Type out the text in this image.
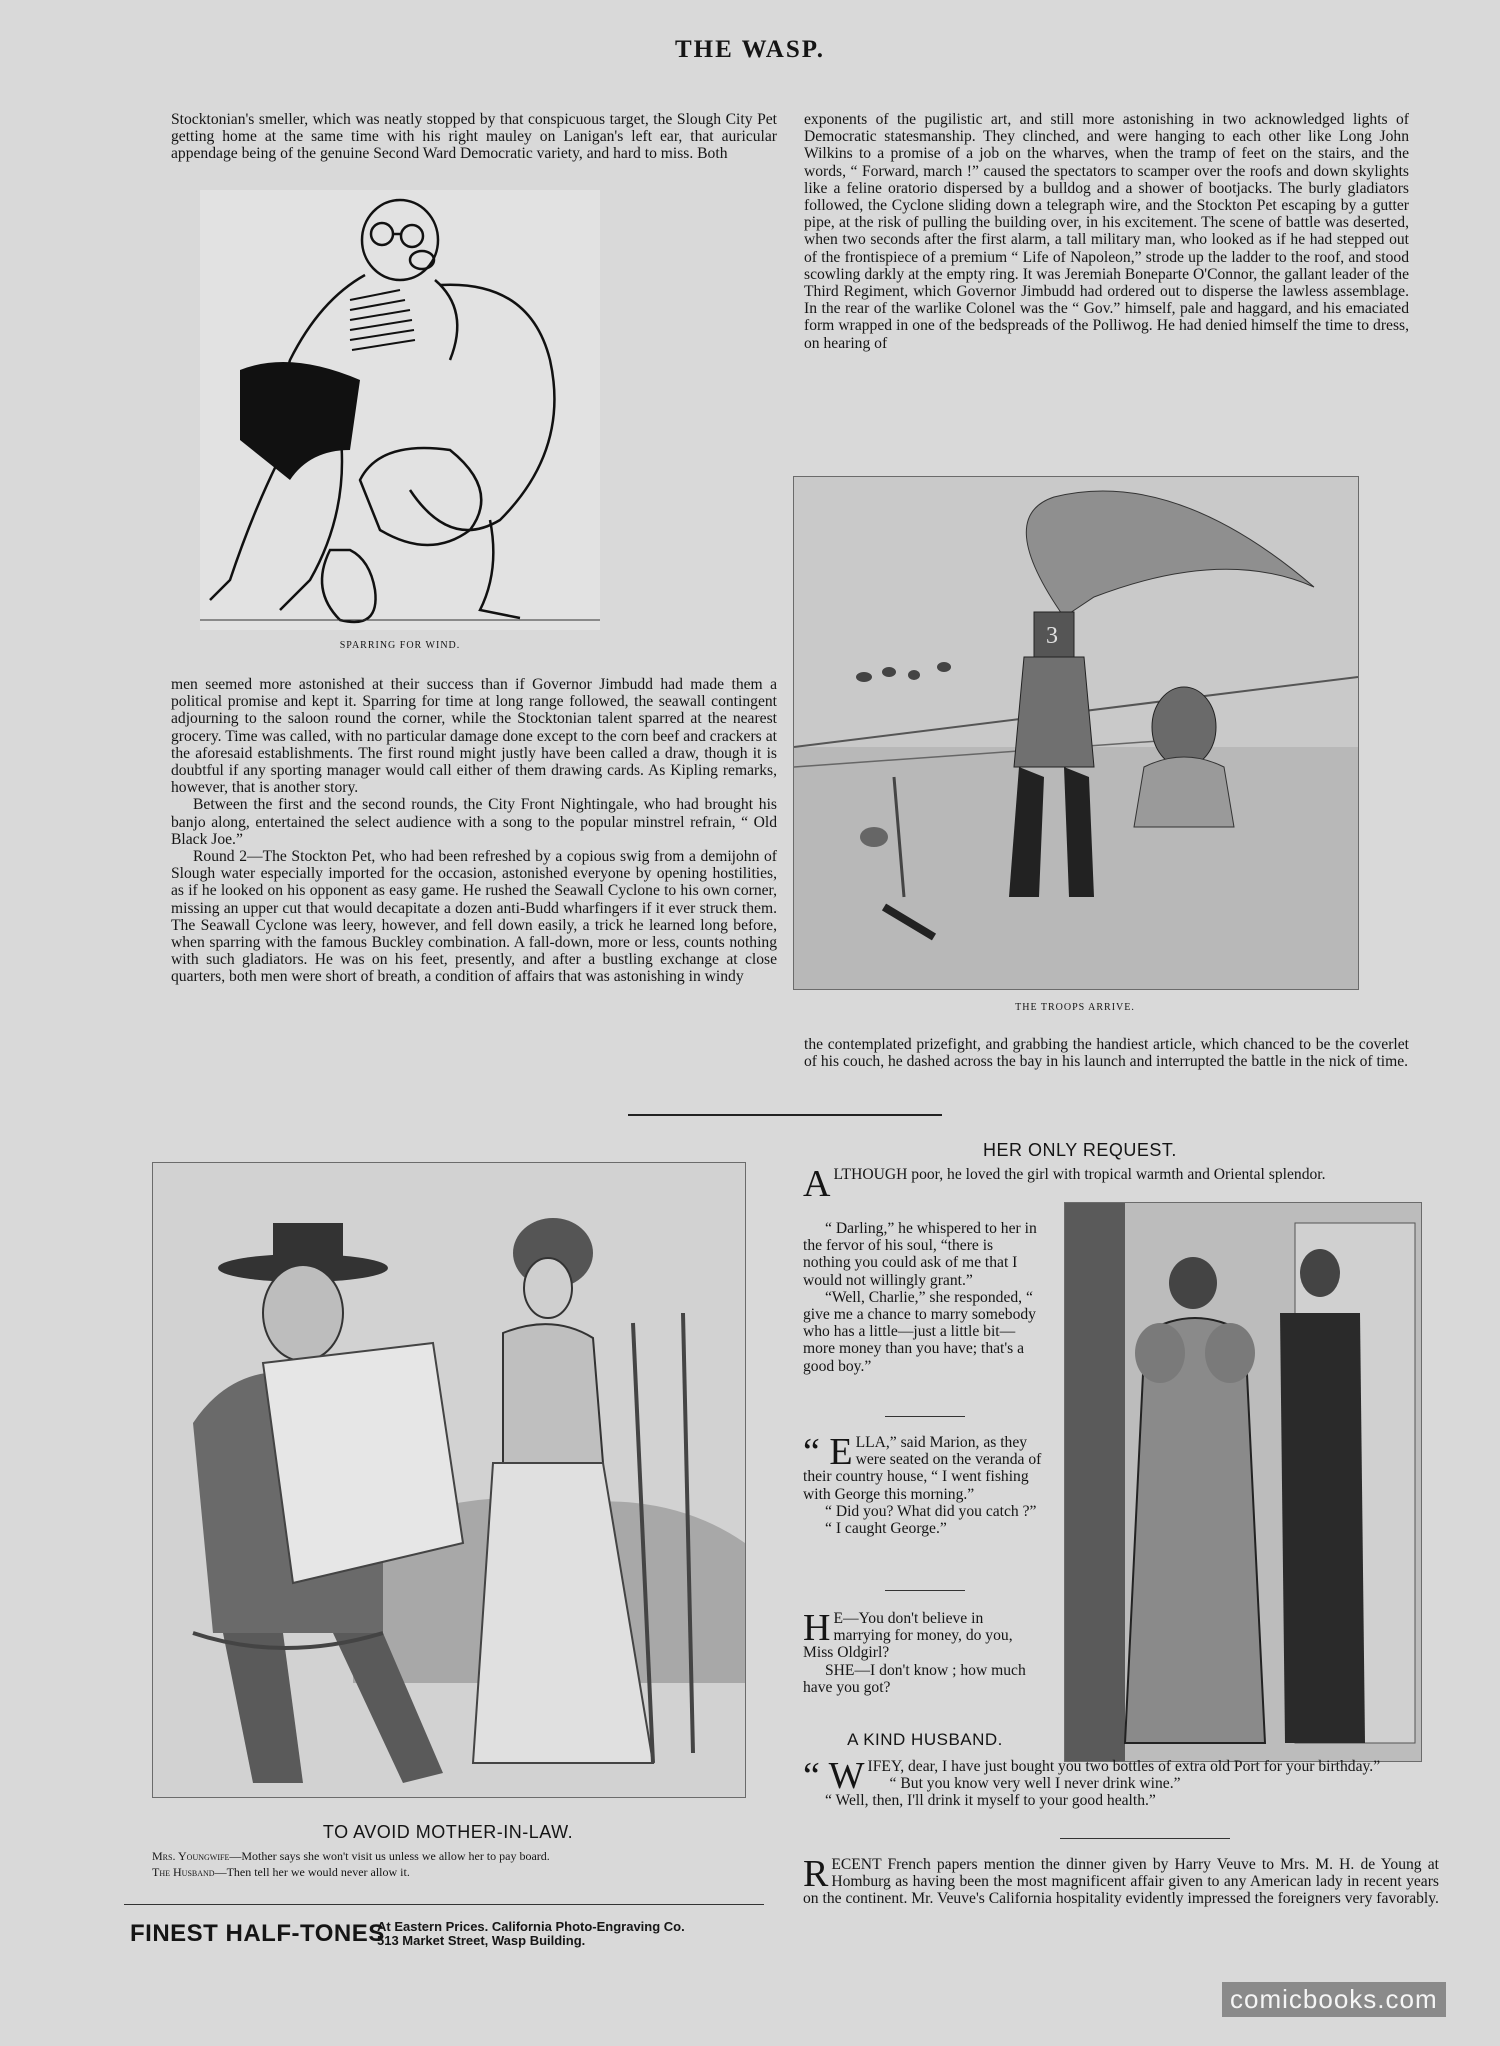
THE WASP.

Stocktonian's smeller, which was neatly stopped by that conspicuous target, the Slough City Pet getting home at the same time with his right mauley on Lanigan's left ear, that auricular appendage being of the genuine Second Ward Democratic variety, and hard to miss. Both

SPARRING FOR WIND.

men seemed more astonished at their success than if Governor Jimbudd had made them a political promise and kept it. Sparring for time at long range followed, the seawall contingent adjourning to the saloon round the corner, while the Stocktonian talent sparred at the nearest grocery. Time was called, with no particular damage done except to the corn beef and crackers at the aforesaid establishments. The first round might justly have been called a draw, though it is doubtful if any sporting manager would call either of them drawing cards. As Kipling remarks, however, that is another story.

Between the first and the second rounds, the City Front Nightingale, who had brought his banjo along, entertained the select audience with a song to the popular minstrel refrain, “ Old Black Joe.”

Round 2—The Stockton Pet, who had been refreshed by a copious swig from a demijohn of Slough water especially imported for the occasion, astonished everyone by opening hostilities, as if he looked on his opponent as easy game. He rushed the Seawall Cyclone to his own corner, missing an upper cut that would decapitate a dozen anti-Budd wharfingers if it ever struck them. The Seawall Cyclone was leery, however, and fell down easily, a trick he learned long before, when sparring with the famous Buckley combination. A fall-down, more or less, counts nothing with such gladiators. He was on his feet, presently, and after a bustling exchange at close quarters, both men were short of breath, a condition of affairs that was astonishing in windy

exponents of the pugilistic art, and still more astonishing in two acknowledged lights of Democratic statesmanship. They clinched, and were hanging to each other like Long John Wilkins to a promise of a job on the wharves, when the tramp of feet on the stairs, and the words, “ Forward, march !” caused the spectators to scamper over the roofs and down skylights like a feline oratorio dispersed by a bulldog and a shower of bootjacks. The burly gladiators followed, the Cyclone sliding down a telegraph wire, and the Stockton Pet escaping by a gutter pipe, at the risk of pulling the building over, in his excitement. The scene of battle was deserted, when two seconds after the first alarm, a tall military man, who looked as if he had stepped out of the frontispiece of a premium “ Life of Napoleon,” strode up the ladder to the roof, and stood scowling darkly at the empty ring. It was Jeremiah Boneparte O'Connor, the gallant leader of the Third Regiment, which Governor Jimbudd had ordered out to disperse the lawless assemblage. In the rear of the warlike Colonel was the “ Gov.” himself, pale and haggard, and his emaciated form wrapped in one of the bedspreads of the Polliwog. He had denied himself the time to dress, on hearing of

3
THE TROOPS ARRIVE.

the contemplated prizefight, and grabbing the handiest article, which chanced to be the coverlet of his couch, he dashed across the bay in his launch and interrupted the battle in the nick of time.

TO AVOID MOTHER-IN-LAW.
Mrs. Youngwife—Mother says she won't visit us unless we allow her to pay board.
The Husband—Then tell her we would never allow it.
FINEST HALF-TONES
At Eastern Prices. California Photo-Engraving Co.
513 Market Street, Wasp Building.
HER ONLY REQUEST.

ALTHOUGH poor, he loved the girl with tropical warmth and Oriental splendor.

“ Darling,” he whispered to her in the fervor of his soul, “there is nothing you could ask of me that I would not willingly grant.”

“Well, Charlie,” she responded, “ give me a chance to marry somebody who has a little—just a little bit—more money than you have; that's a good boy.”

“ E LLA,” said Marion, as they were seated on the veranda of their country house, “ I went fishing with George this morning.”

“ Did you? What did you catch ?”

“ I caught George.”

H E—You don't believe in marrying for money, do you, Miss Oldgirl?

SHE—I don't know ; how much have you got?

A KIND HUSBAND.

“ W IFEY, dear, I have just bought you two bottles of extra old Port for your birthday.”

“ But you know very well I never drink wine.”

“ Well, then, I'll drink it myself to your good health.”

RECENT French papers mention the dinner given by Harry Veuve to Mrs. M. H. de Young at Homburg as having been the most magnificent affair given to any American lady in recent years on the continent. Mr. Veuve's California hospitality evidently impressed the foreigners very favorably.

comicbooks.com
